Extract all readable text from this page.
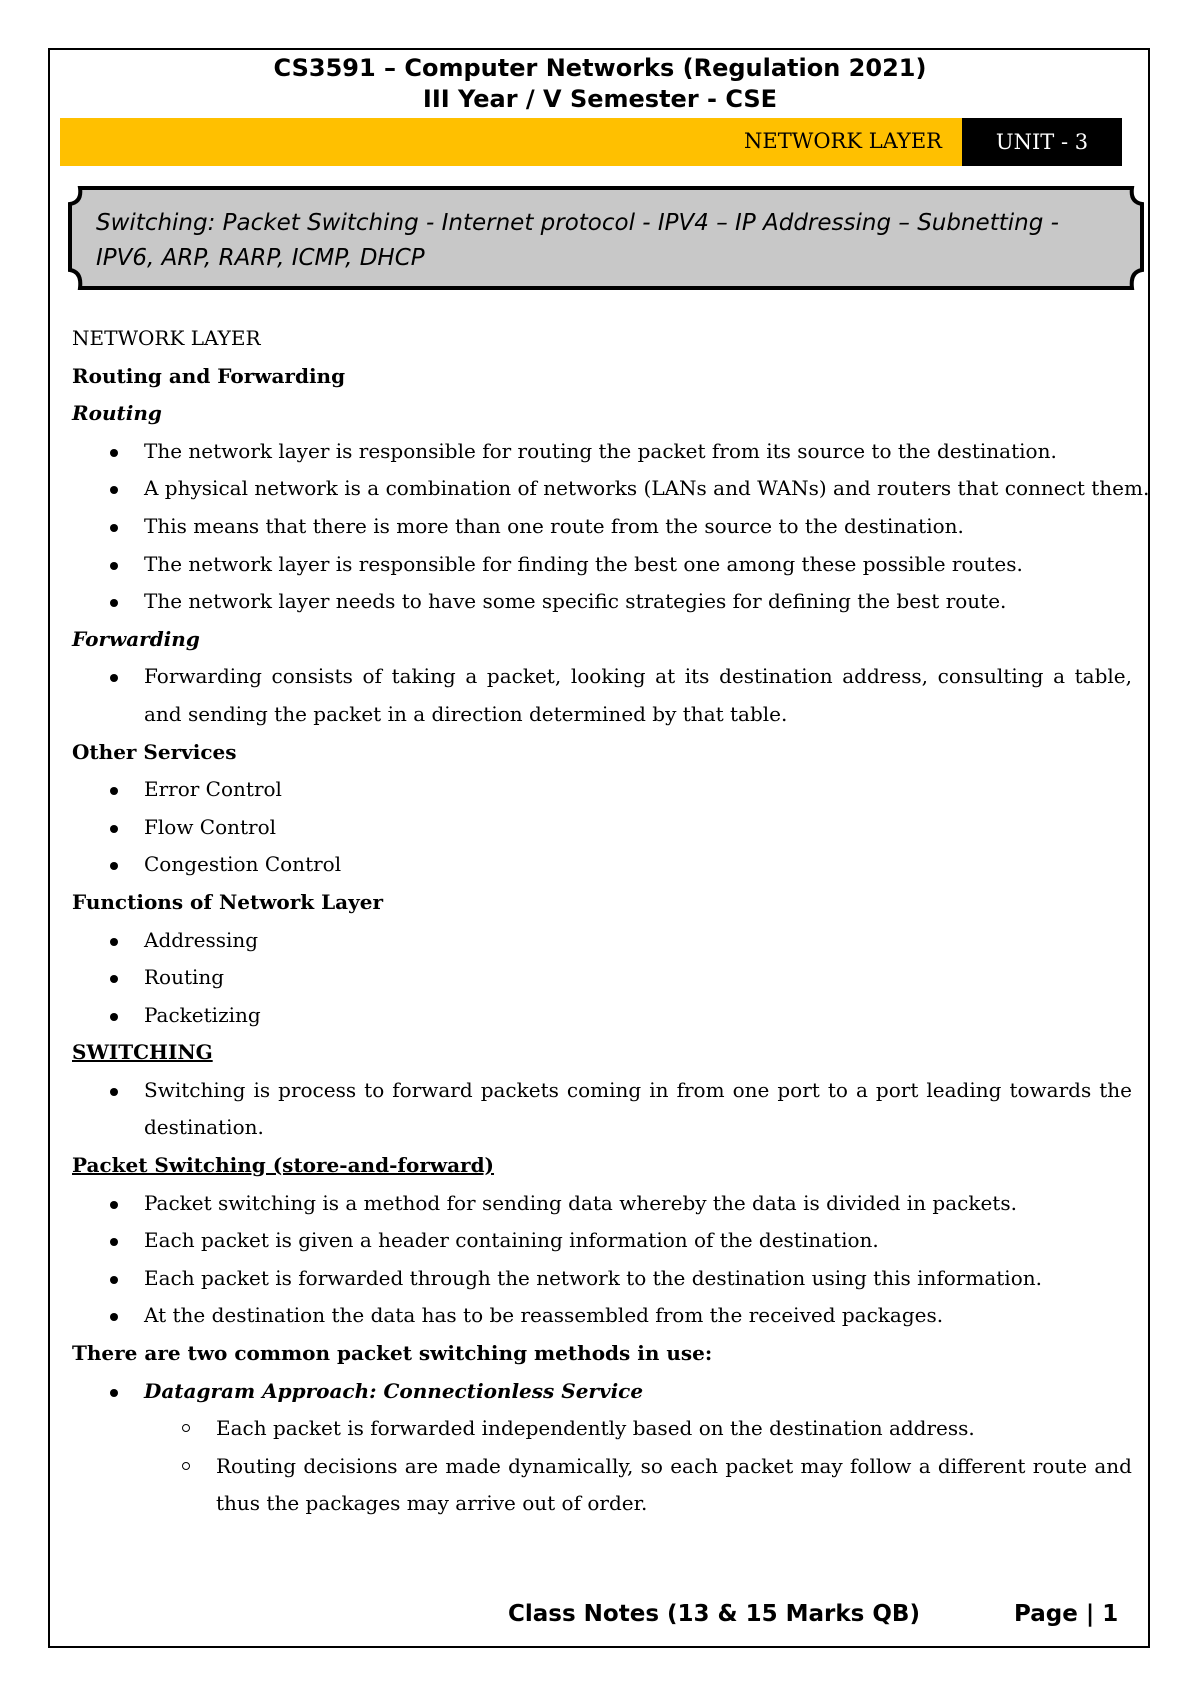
CS3591 – Computer Networks (Regulation 2021)
III Year / V Semester - CSE
NETWORK LAYER	UNIT - 3
Switching: Packet Switching - Internet protocol - IPV4 – IP Addressing – Subnetting - IPV6, ARP, RARP, ICMP, DHCP
NETWORK LAYER
Routing and Forwarding
Routing
The network layer is responsible for routing the packet from its source to the destination.
A physical network is a combination of networks (LANs and WANs) and routers that connect them.
This means that there is more than one route from the source to the destination.
The network layer is responsible for finding the best one among these possible routes.
The network layer needs to have some specific strategies for defining the best route.
Forwarding
Forwarding consists of taking a packet, looking at its destination address, consulting a table, and sending the packet in a direction determined by that table.
Other Services
Error Control
Flow Control
Congestion Control
Functions of Network Layer
Addressing
Routing
Packetizing
SWITCHING
Switching is process to forward packets coming in from one port to a port leading towards the destination.
Packet Switching (store-and-forward)
Packet switching is a method for sending data whereby the data is divided in packets.
Each packet is given a header containing information of the destination.
Each packet is forwarded through the network to the destination using this information.
At the destination the data has to be reassembled from the received packages.
There are two common packet switching methods in use:
Datagram Approach: Connectionless Service
Each packet is forwarded independently based on the destination address.
Routing decisions are made dynamically, so each packet may follow a different route and thus the packages may arrive out of order.
Class Notes (13 & 15 Marks QB)	Page | 1
